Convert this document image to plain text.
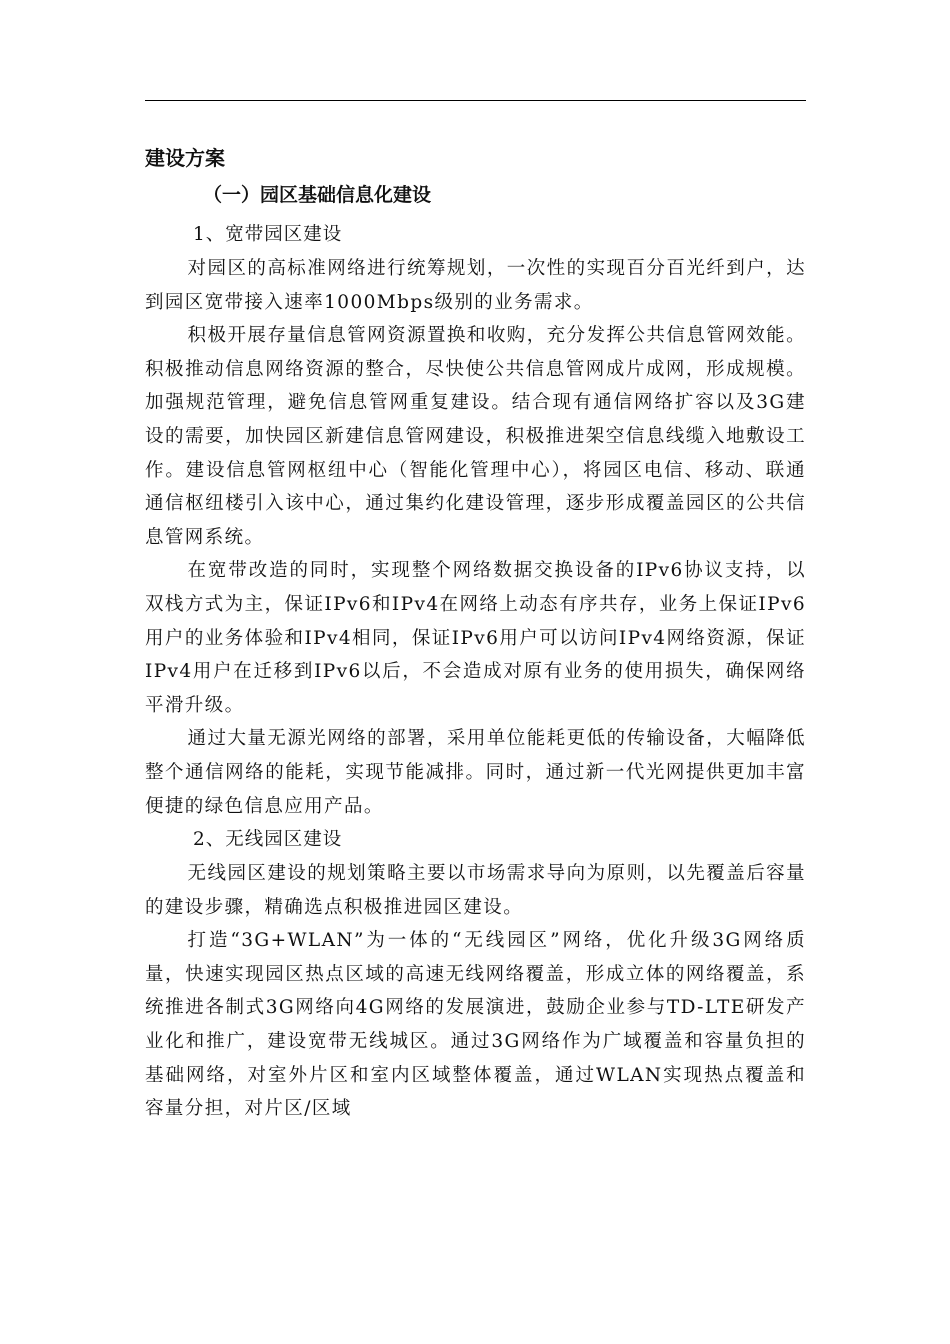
建设方案
（一）园区基础信息化建设
1、宽带园区建设

对园区的高标准网络进行统筹规划，一次性的实现百分百光纤到户，达到园区宽带接入速率1000Mbps级别的业务需求。

积极开展存量信息管网资源置换和收购，充分发挥公共信息管网效能。积极推动信息网络资源的整合，尽快使公共信息管网成片成网，形成规模。加强规范管理，避免信息管网重复建设。结合现有通信网络扩容以及3G建设的需要，加快园区新建信息管网建设，积极推进架空信息线缆入地敷设工作。建设信息管网枢纽中心（智能化管理中心），将园区电信、移动、联通通信枢纽楼引入该中心，通过集约化建设管理，逐步形成覆盖园区的公共信息管网系统。

在宽带改造的同时，实现整个网络数据交换设备的IPv6协议支持，以双栈方式为主，保证IPv6和IPv4在网络上动态有序共存，业务上保证IPv6用户的业务体验和IPv4相同，保证IPv6用户可以访问IPv4网络资源，保证IPv4用户在迁移到IPv6以后，不会造成对原有业务的使用损失，确保网络平滑升级。

通过大量无源光网络的部署，采用单位能耗更低的传输设备，大幅降低整个通信网络的能耗，实现节能减排。同时，通过新一代光网提供更加丰富便捷的绿色信息应用产品。

2、无线园区建设

无线园区建设的规划策略主要以市场需求导向为原则，以先覆盖后容量的建设步骤，精确选点积极推进园区建设。

打造“3G+WLAN”为一体的“无线园区”网络，优化升级3G网络质量，快速实现园区热点区域的高速无线网络覆盖，形成立体的网络覆盖，系统推进各制式3G网络向4G网络的发展演进，鼓励企业参与TD-LTE研发产业化和推广，建设宽带无线城区。通过3G网络作为广域覆盖和容量负担的基础网络，对室外片区和室内区域整体覆盖，通过WLAN实现热点覆盖和容量分担，对片区/区域
